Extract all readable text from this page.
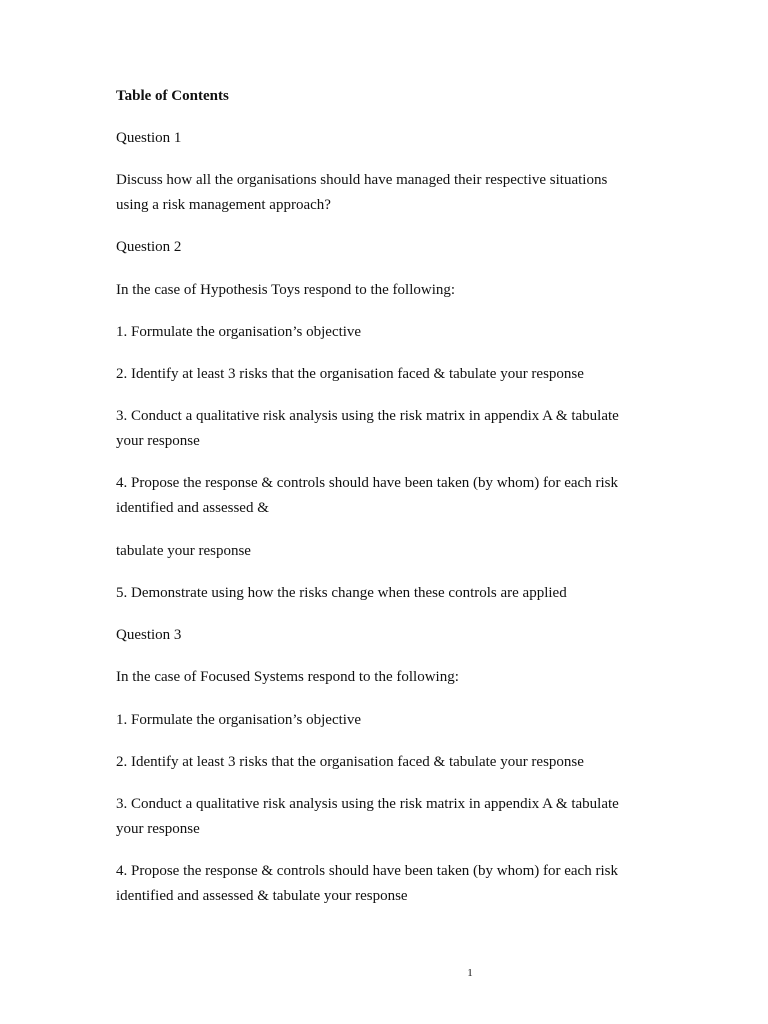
Table of Contents

Question 1

Discuss how all the organisations should have managed their respective situations

using a risk management approach?

Question 2

In the case of Hypothesis Toys respond to the following:

1. Formulate the organisation’s objective

2. Identify at least 3 risks that the organisation faced & tabulate your response

3. Conduct a qualitative risk analysis using the risk matrix in appendix A & tabulate

your response

4. Propose the response & controls should have been taken (by whom) for each risk

identified and assessed &

tabulate your response

5. Demonstrate using how the risks change when these controls are applied

Question 3

In the case of Focused Systems respond to the following:

1. Formulate the organisation’s objective

2. Identify at least 3 risks that the organisation faced & tabulate your response

3. Conduct a qualitative risk analysis using the risk matrix in appendix A & tabulate

your response

4. Propose the response & controls should have been taken (by whom) for each risk

identified and assessed & tabulate your response

1
